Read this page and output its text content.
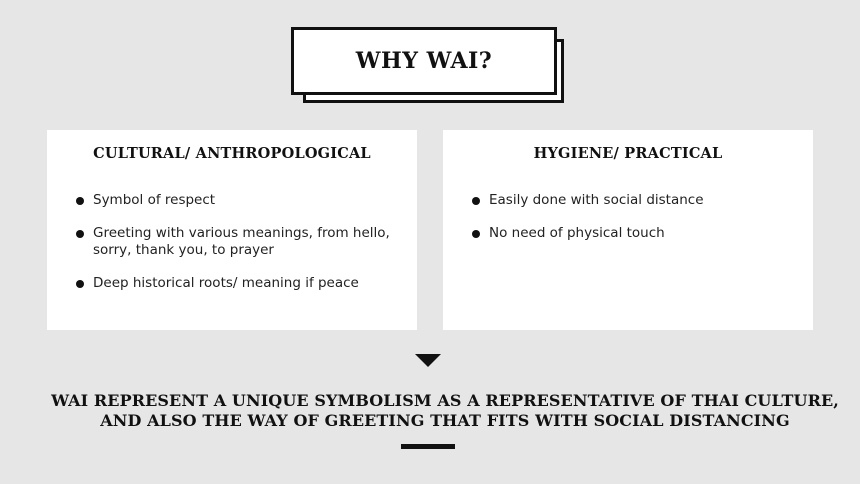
WHY WAI?
CULTURAL/ ANTHROPOLOGICAL
Symbol of respect
Greeting with various meanings, from hello, sorry, thank you, to prayer
Deep historical roots/ meaning if peace
HYGIENE/ PRACTICAL
Easily done with social distance
No need of physical touch
WAI REPRESENT A UNIQUE SYMBOLISM AS A REPRESENTATIVE OF THAI CULTURE,
AND ALSO THE WAY OF GREETING THAT FITS WITH SOCIAL DISTANCING
